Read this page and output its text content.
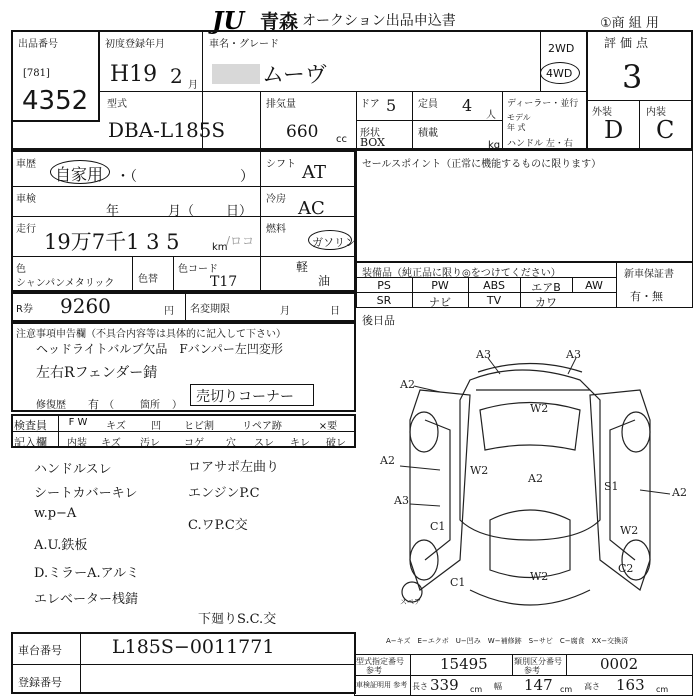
JU 青森 オークション出品申込書	①商 組 用
出品番号
[781]
4352
初度登録年月
H19 2 月
車名・グレード
ムーヴ
2WD
4WD
評価点
3
型式
DBA-L185S
排気量
660 cc
ドア 5 定員 4
人
形状
BOX
積載
kg
ディーラー・並行
モデル
年 式
ハンドル 左・右
外装	内装
D C
車歴
自家用 ・（	）
車検
年	月（ 日）
走行
19万7千1 3 5	km
/ロコ
色
シャンパンメタリック 色替
色コード
T17
シフト AT
冷房 AC
燃料
ガソリン
軽
油
セールスポイント（正常に機能するものに限ります）
装備品（純正品に限り◎をつけてください）
PS	PW	ABS	エアB	AW
SR	ナビ	TV	カワ
新車保証書
有・無
R券 9260	円 名変期限	月	日
後日品
注意事項申告欄（不具合内容等は具体的に記入して下さい）
ヘッドライトバルブ欠品　Fバンパー左凹変形
左右Rフェンダー錆
売切りコーナー
修復歴 有 （	箇所 ）
検査員
記入欄
F W	キズ	凹	ヒビ割	リペア跡	×要
内装	キズ	汚レ	コゲ	穴	スレ	キレ	破レ
ハンドルスレ	ロアサポ左曲り
シートカバーキレ	エンジンP.C
w.p−A
C.ワP.C交
A.U.鉄板
D.ミラーA.アルミ
エレベーター桟錆
下廻りS.C.交
車台番号	L185S−0011771
登録番号
A−キズ　E−エクボ　U−凹み　W−補修跡　S−サビ　C−腐食　XX−交換済
スペア
A3	A3
A2
W2
A2
W2
A2
S1	A2
A3
C1	W2
C1	W2
C2
型式指定番号
参考	15495	類別区分番号
参考	0002
車検証明用 参考 長さ 339 cm 幅 147 cm 高さ 163 cm
